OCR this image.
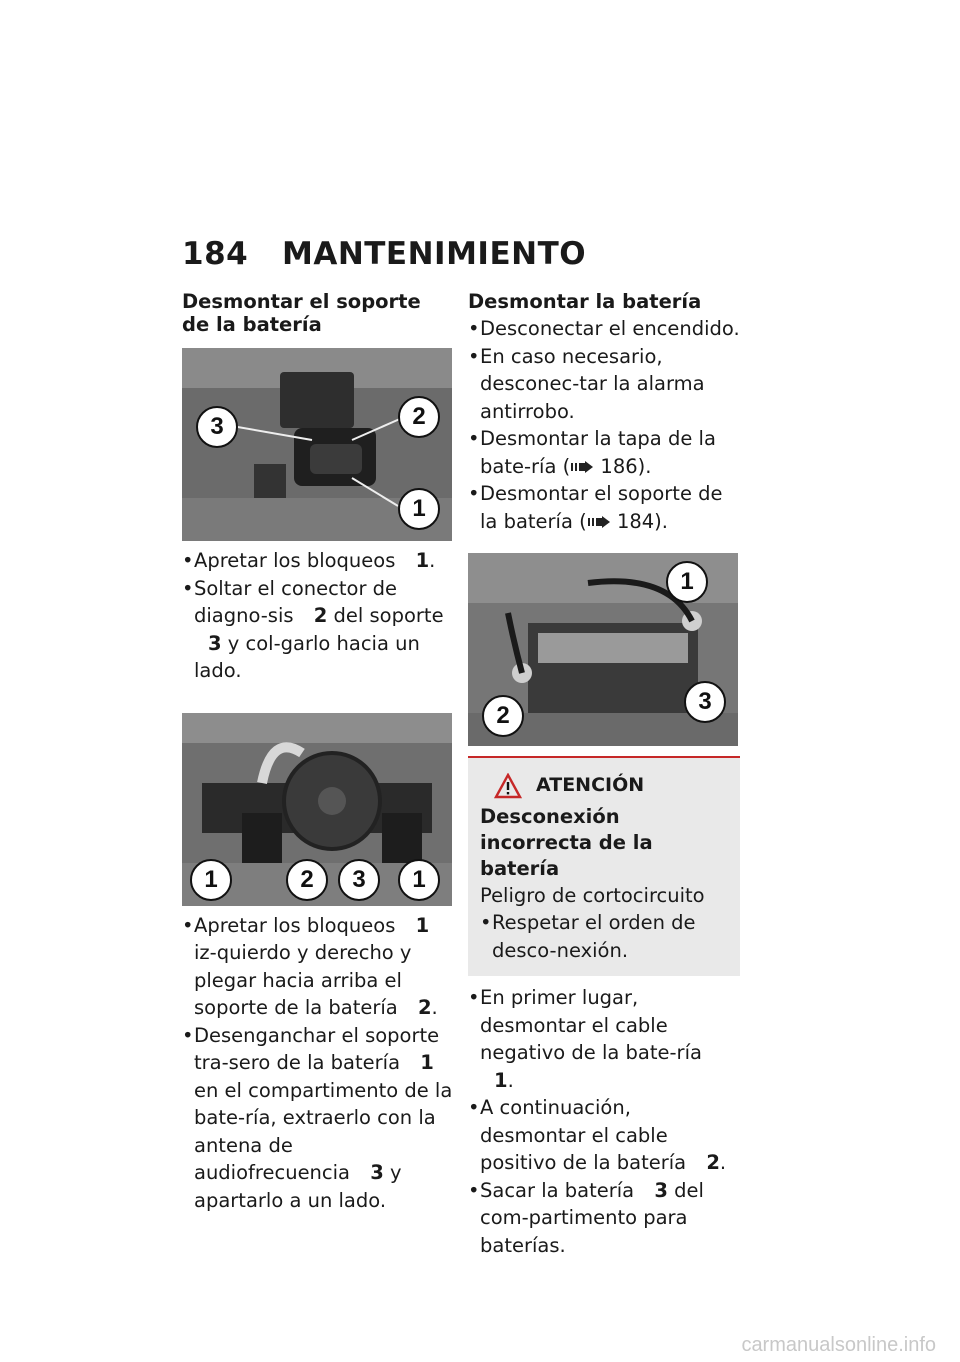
184 MANTENIMIENTO
Desmontar el soporte de la batería
3	2
1
• Apretar los bloqueos 1.
• Soltar el conector de diagno-sis 2 del soporte 3 y col-garlo hacia un lado.
1	2	3	1
• Apretar los bloqueos 1 iz-quierdo y derecho y plegar hacia arriba el soporte de la batería 2.
• Desenganchar el soporte tra-sero de la batería 1 en el compartimento de la bate-ría, extraerlo con la antena de audiofrecuencia 3 y apartarlo a un lado.
Desmontar la batería
• Desconectar el encendido.
• En caso necesario, desconec-tar la alarma antirrobo.
• Desmontar la tapa de la bate-ría ( 186).
• Desmontar el soporte de la batería ( 184).
1
2
3
ATENCIÓN
Desconexión incorrecta de la batería
Peligro de cortocircuito
• Respetar el orden de desco-nexión.
• En primer lugar, desmontar el cable negativo de la bate-ría 1.
• A continuación, desmontar el cable positivo de la batería 2.
• Sacar la batería 3 del com-partimento para baterías.
carmanualsonline.info
